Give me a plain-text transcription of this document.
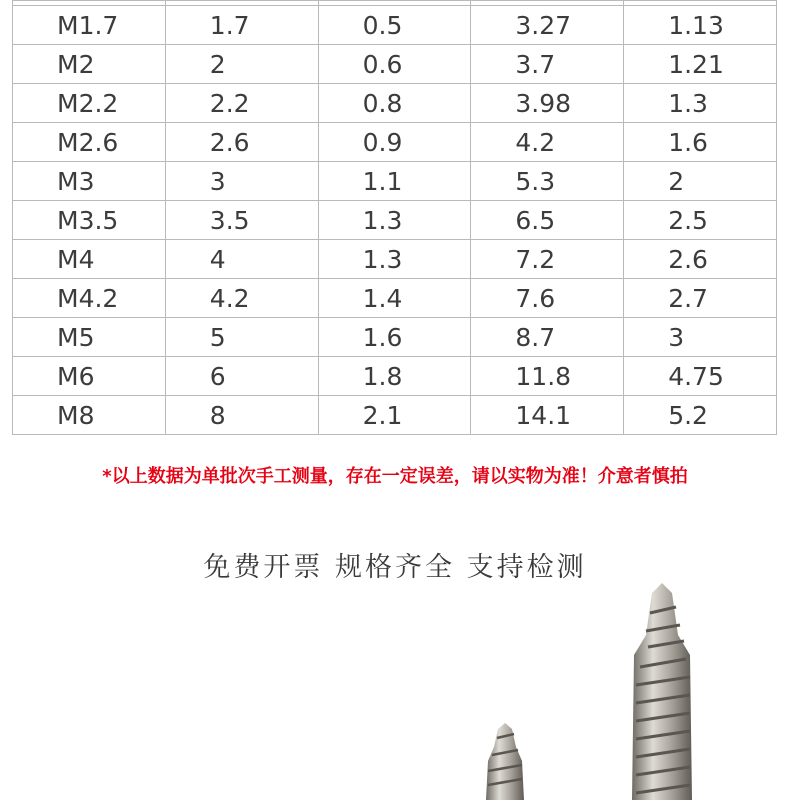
M1.7	1.7	0.5	3.27	1.13
M2	2	0.6	3.7	1.21
M2.2	2.2	0.8	3.98	1.3
M2.6	2.6	0.9	4.2	1.6
M3	3	1.1	5.3	2
M3.5	3.5	1.3	6.5	2.5
M4	4	1.3	7.2	2.6
M4.2	4.2	1.4	7.6	2.7
M5	5	1.6	8.7	3
M6	6	1.8	11.8	4.75
M8	8	2.1	14.1	5.2
*以上数据为单批次手工测量，存在一定误差，请以实物为准！介意者慎拍
免费开票 规格齐全 支持检测
